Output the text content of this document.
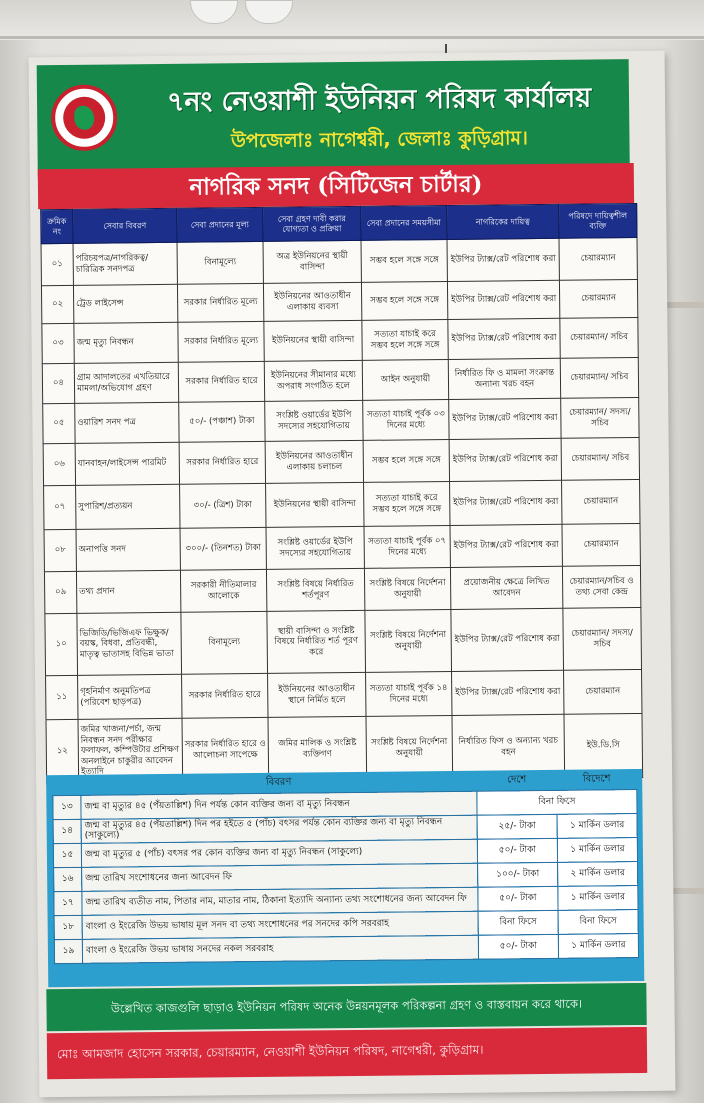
৭নং নেওয়াশী ইউনিয়ন পরিষদ কার্যালয়
উপজেলাঃ নাগেশ্বরী, জেলাঃ কুড়িগ্রাম।
নাগরিক সনদ (সিটিজেন চার্টার)
ক্রমিক নং	সেবার বিবরণ	সেবা প্রদানের মূল্য	সেবা গ্রহণ দাবী করার যোগ্যতা ও প্রক্রিয়া	সেবা প্রদানের সময়সীমা	নাগরিকের দায়িত্ব	পরিষদে দায়িত্বশীল ব্যক্তি
০১	পরিচয়পত্র/নাগরিকত্ব/ চারিত্রিক সনদপত্র	বিনামূল্যে	অত্র ইউনিয়নের স্থায়ী বাসিন্দা	সম্ভব হলে সঙ্গে সঙ্গে	ইউপির ট্যাক্স/রেট পরিশোধ করা	চেয়ারম্যান
০২	ট্রেড লাইসেন্স	সরকার নির্ধারিত মূল্যে	ইউনিয়নের আওতাধীন এলাকায় ব্যবসা	সম্ভব হলে সঙ্গে সঙ্গে	ইউপির ট্যাক্স/রেট পরিশোধ করা	চেয়ারম্যান
০৩	জন্ম মৃত্যু নিবন্ধন	সরকার নির্ধারিত মূল্যে	ইউনিয়নের স্থায়ী বাসিন্দা	সত্যতা যাচাই করে সম্ভব হলে সঙ্গে সঙ্গে	ইউপির ট্যাক্স/রেট পরিশোধ করা	চেয়ারম্যান/ সচিব
০৪	গ্রাম আদালতের এখতিয়ারে মামলা/অভিযোগ গ্রহণ	সরকার নির্ধারিত হারে	ইউনিয়নের সীমানার মধ্যে অপরাধ সংগঠিত হলে	আইন অনুযায়ী	নির্ধারিত ফি ও মামলা সংক্রান্ত অন্যান্য খরচ বহন	চেয়ারম্যান/ সচিব
০৫	ওয়ারিশ সনদ পত্র	৫০/- (পঞ্চাশ) টাকা	সংশ্লিষ্ট ওয়ার্ডের ইউপি সদস্যের সহযোগিতায়	সত্যতা যাচাই পূর্বক ০৩ দিনের মধ্যে	ইউপির ট্যাক্স/রেট পরিশোধ করা	চেয়ারম্যান/ সদস্য/সচিব
০৬	যানবাহন/লাইসেন্স পারমিট	সরকার নির্ধারিত হারে	ইউনিয়নের আওতাধীন এলাকায় চলাচল	সম্ভব হলে সঙ্গে সঙ্গে	ইউপির ট্যাক্স/রেট পরিশোধ করা	চেয়ারম্যান/ সচিব
০৭	সুপারিশ/প্রত্যয়ন	৩০/- (ত্রিশ) টাকা	ইউনিয়নের স্থায়ী বাসিন্দা	সত্যতা যাচাই করে সম্ভব হলে সঙ্গে সঙ্গে	ইউপির ট্যাক্স/রেট পরিশোধ করা	চেয়ারম্যান
০৮	অনাপত্তি সনদ	৩০০/- (তিনশত) টাকা	সংশ্লিষ্ট ওয়ার্ডের ইউপি সদস্যের সহযোগিতায়	সত্যতা যাচাই পূর্বক ০৭ দিনের মধ্যে	ইউপির ট্যাক্স/রেট পরিশোধ করা	চেয়ারম্যান
০৯	তথ্য প্রদান	সরকারী নীতিমালার আলোকে	সংশ্লিষ্ট বিষয়ে নির্ধারিত শর্তপূরণ	সংশ্লিষ্ট বিষয়ে নির্দেশনা অনুযায়ী	প্রয়োজনীয় ক্ষেত্রে লিখিত আবেদন	চেয়ারম্যান/সচিব ও তথ্য সেবা কেন্দ্র
১০	ভিজিডি/ভিজিএফ ভিক্ষুক/ বয়স্ক, বিধবা, প্রতিবন্ধী, মাতৃত্ব ভাতাসহ বিভিন্ন ভাতা	বিনামূল্যে	স্থায়ী বাসিন্দা ও সংশ্লিষ্ট বিষয়ে নির্ধারিত শর্ত পূরণ করে	সংশ্লিষ্ট বিষয়ে নির্দেশনা অনুযায়ী	ইউপির ট্যাক্স/রেট পরিশোধ করা	চেয়ারম্যান/ সদস্য/সচিব
১১	গৃহনির্মাণ অনুমতিপত্র (পরিবেশ ছাড়পত্র)	সরকার নির্ধারিত হারে	ইউনিয়নের আওতাধীন স্থানে নির্মিত হলে	সত্যতা যাচাই পূর্বক ১৪ দিনের মধ্যে	ইউপির ট্যাক্স/রেট পরিশোধ করা	চেয়ারম্যান
১২	জমির খাজনা/পর্চা, জন্ম নিবন্ধন সনদ পরীক্ষার ফলাফল, কম্পিউটার প্রশিক্ষণ অনলাইনে চাকুরীর আবেদন ইত্যাদি	সরকার নির্ধারিত হারে ও আলোচনা সাপেক্ষে	জমির মালিক ও সংশ্লিষ্ট ব্যক্তিগণ	সংশ্লিষ্ট বিষয়ে নির্দেশনা অনুযায়ী	নির্ধারিত ফিস ও অন্যান্য খরচ বহন	ইউ.ডি.সি
	বিবরণ	দেশে	বিদেশে
১৩	জন্ম বা মৃত্যুর ৪৫ (পঁয়তাল্লিশ) দিন পর্যন্ত কোন ব্যক্তির জন্য বা মৃত্যু নিবন্ধন	বিনা ফিসে	
১৪	জন্ম বা মৃত্যুর ৪৫ (পঁয়তাল্লিশ) দিন পর হইতে ৫ (পাঁচ) বৎসর পর্যন্ত কোন ব্যক্তির জন্য বা মৃত্যু নিবন্ধন (সাকুল্যে)	২৫/- টাকা	১ মার্কিন ডলার
১৫	জন্ম বা মৃত্যুর ৫ (পাঁচ) বৎসর পর কোন ব্যক্তির জন্য বা মৃত্যু নিবন্ধন (সাকুল্যে)	৫০/- টাকা	১ মার্কিন ডলার
১৬	জন্ম তারিখ সংশোধনের জন্য আবেদন ফি	১০০/- টাকা	২ মার্কিন ডলার
১৭	জন্ম তারিখ ব্যতীত নাম, পিতার নাম, মাতার নাম, ঠিকানা ইত্যাদি অন্যান্য তথ্য সংশোধনের জন্য আবেদন ফি	৫০/- টাকা	১ মার্কিন ডলার
১৮	বাংলা ও ইংরেজি উভয় ভাষায় মূল সনদ বা তথ্য সংশোধনের পর সনদের কপি সরবরাহ	বিনা ফিসে	বিনা ফিসে
১৯	বাংলা ও ইংরেজি উভয় ভাষায় সনদের নকল সরবরাহ	৫০/- টাকা	১ মার্কিন ডলার
উল্লেখিত কাজগুলি ছাড়াও ইউনিয়ন পরিষদ অনেক উন্নয়নমূলক পরিকল্পনা গ্রহণ ও বাস্তবায়ন করে থাকে।
মোঃ আমজাদ হোসেন সরকার, চেয়ারম্যান, নেওয়াশী ইউনিয়ন পরিষদ, নাগেশ্বরী, কুড়িগ্রাম।
